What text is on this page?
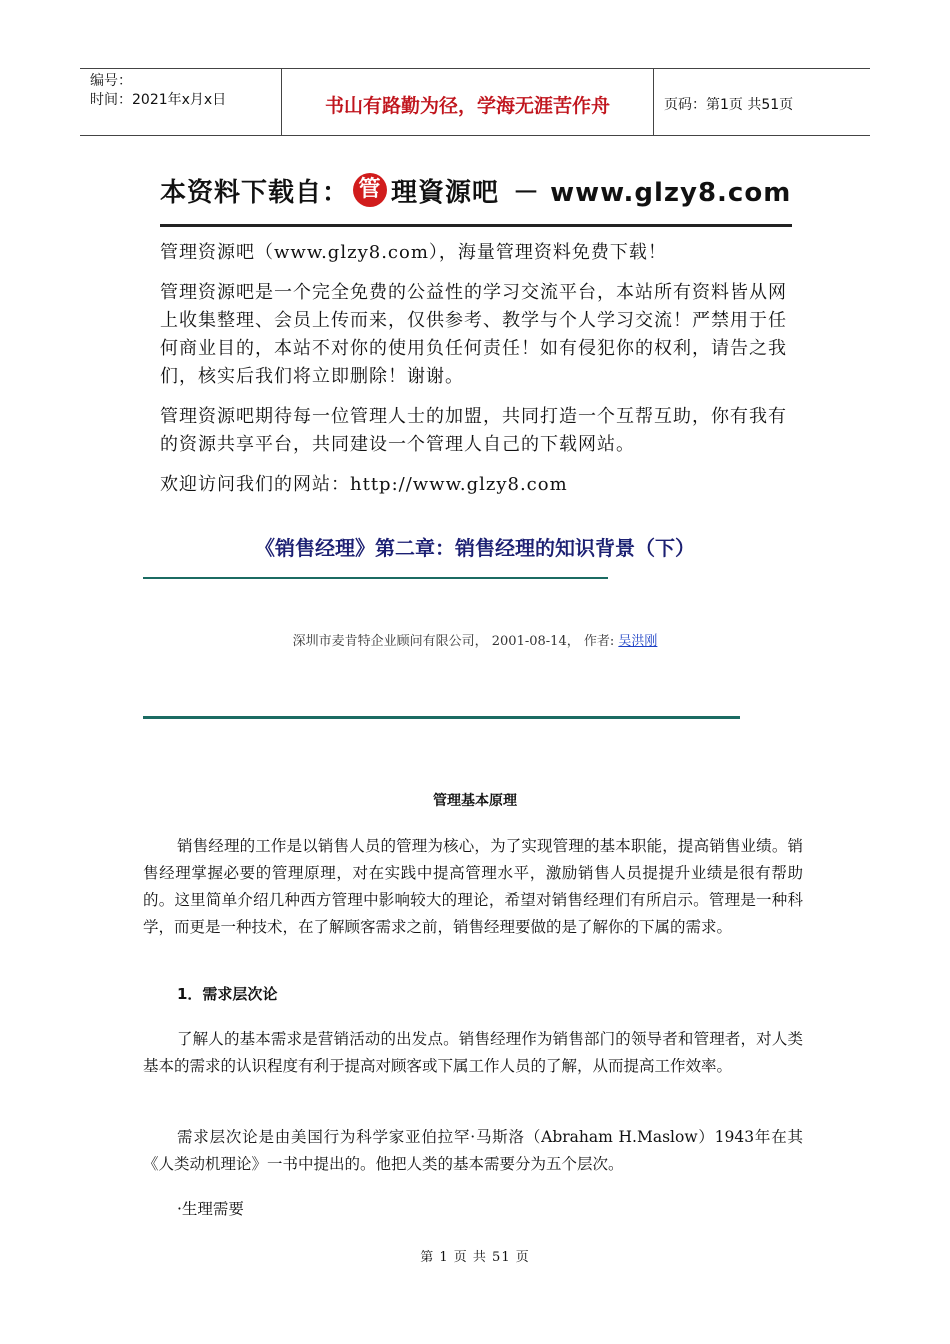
编号：
时间：2021年x月x日	书山有路勤为径，学海无涯苦作舟	页码：第1页 共51页
本资料下载自： 管 理資源吧 － www.glzy8.com

管理资源吧（www.glzy8.com），海量管理资料免费下载！

管理资源吧是一个完全免费的公益性的学习交流平台，本站所有资料皆从网上收集整理、会员上传而来，仅供参考、教学与个人学习交流！严禁用于任何商业目的，本站不对你的使用负任何责任！如有侵犯你的权利，请告之我们，核实后我们将立即删除！谢谢。

管理资源吧期待每一位管理人士的加盟，共同打造一个互帮互助，你有我有的资源共享平台，共同建设一个管理人自己的下载网站。

欢迎访问我们的网站：http://www.glzy8.com

《销售经理》第二章：销售经理的知识背景（下）
深圳市麦肯特企业顾问有限公司， 2001-08-14， 作者: 吴洪刚
管理基本原理

销售经理的工作是以销售人员的管理为核心，为了实现管理的基本职能，提高销售业绩。销售经理掌握必要的管理原理，对在实践中提高管理水平，激励销售人员提提升业绩是很有帮助的。这里简单介绍几种西方管理中影响较大的理论，希望对销售经理们有所启示。管理是一种科学，而更是一种技术，在了解顾客需求之前，销售经理要做的是了解你的下属的需求。

1．需求层次论

了解人的基本需求是营销活动的出发点。销售经理作为销售部门的领导者和管理者，对人类基本的需求的认识程度有利于提高对顾客或下属工作人员的了解，从而提高工作效率。

需求层次论是由美国行为科学家亚伯拉罕·马斯洛（Abraham H.Maslow）1943年在其《人类动机理论》一书中提出的。他把人类的基本需要分为五个层次。

·生理需要
第 1 页 共 51 页
